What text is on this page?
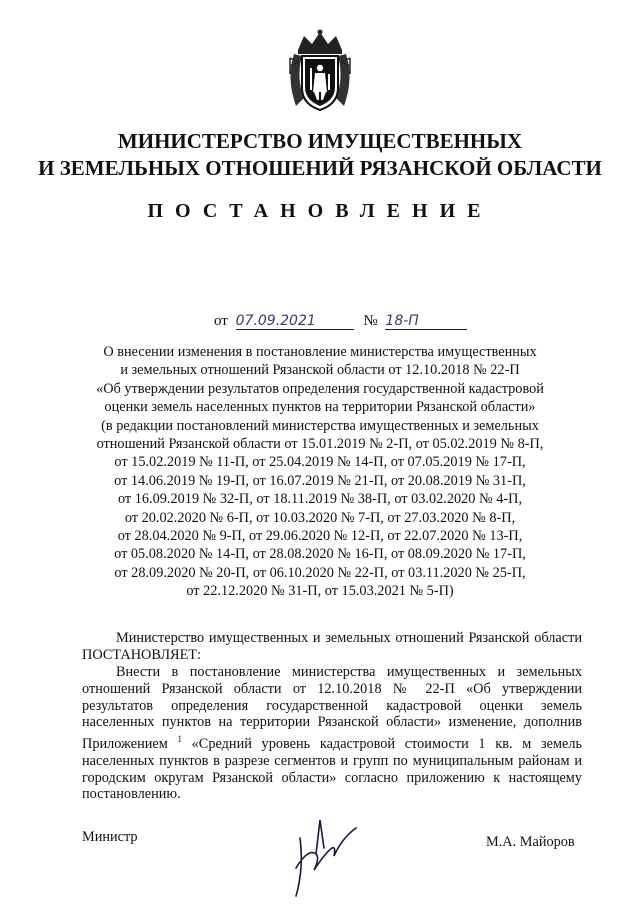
МИНИСТЕРСТВО ИМУЩЕСТВЕННЫХ
И ЗЕМЕЛЬНЫХ ОТНОШЕНИЙ РЯЗАНСКОЙ ОБЛАСТИ
ПОСТАНОВЛЕНИЕ
от 07.09.2021	№ 18-П
О внесении изменения в постановление министерства имущественных
и земельных отношений Рязанской области от 12.10.2018 № 22-П
«Об утверждении результатов определения государственной кадастровой
оценки земель населенных пунктов на территории Рязанской области»
(в редакции постановлений министерства имущественных и земельных
отношений Рязанской области от 15.01.2019 № 2-П, от 05.02.2019 № 8-П,
от 15.02.2019 № 11-П, от 25.04.2019 № 14-П, от 07.05.2019 № 17-П,
от 14.06.2019 № 19-П, от 16.07.2019 № 21-П, от 20.08.2019 № 31-П,
от 16.09.2019 № 32-П, от 18.11.2019 № 38-П, от 03.02.2020 № 4-П,
от 20.02.2020 № 6-П, от 10.03.2020 № 7-П, от 27.03.2020 № 8-П,
от 28.04.2020 № 9-П, от 29.06.2020 № 12-П, от 22.07.2020 № 13-П,
от 05.08.2020 № 14-П, от 28.08.2020 № 16-П, от 08.09.2020 № 17-П,
от 28.09.2020 № 20-П, от 06.10.2020 № 22-П, от 03.11.2020 № 25-П,
от 22.12.2020 № 31-П, от 15.03.2021 № 5-П)
Министерство имущественных и земельных отношений Рязанской области ПОСТАНОВЛЯЕТ:
Внести в постановление министерства имущественных и земельных отношений Рязанской области от 12.10.2018 № 22-П «Об утверждении результатов определения государственной кадастровой оценки земель населенных пунктов на территории Рязанской области» изменение, дополнив Приложением $^1$ «Средний уровень кадастровой стоимости 1 кв. м земель населенных пунктов в разрезе сегментов и групп по муниципальным районам и городским округам Рязанской области» согласно приложению к настоящему постановлению.
Министр	М.А. Майоров
